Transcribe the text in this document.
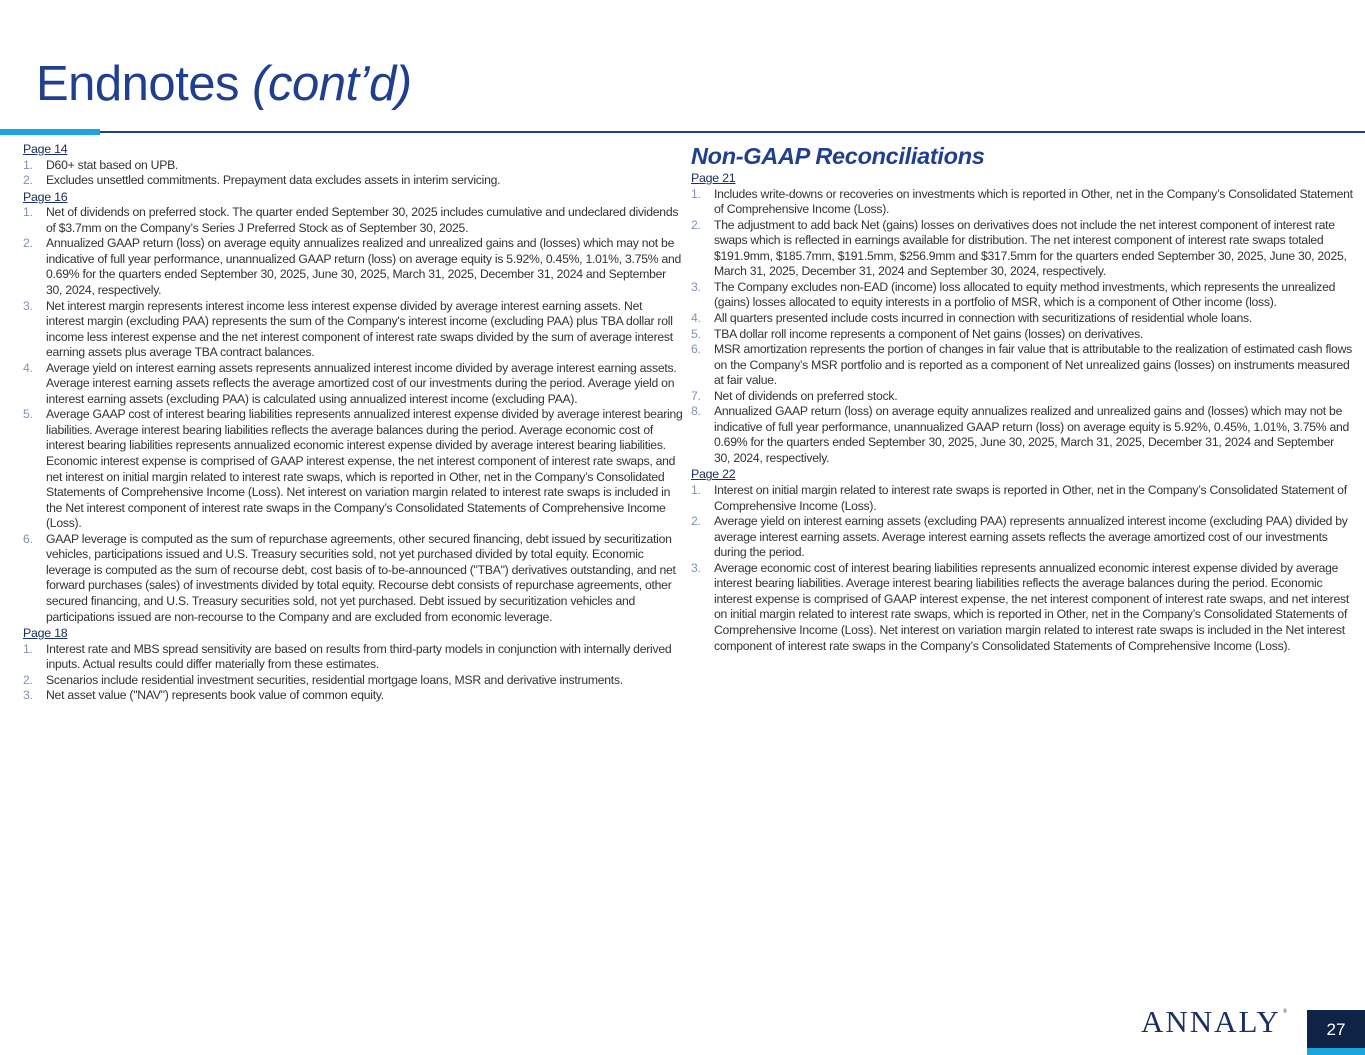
Endnotes (cont’d)
Page 14
1.	D60+ stat based on UPB.
2.	Excludes unsettled commitments. Prepayment data excludes assets in interim servicing.
Page 16
1.	Net of dividends on preferred stock. The quarter ended September 30, 2025 includes cumulative and undeclared dividends of $3.7mm on the Company’s Series J Preferred Stock as of September 30, 2025.
2.	Annualized GAAP return (loss) on average equity annualizes realized and unrealized gains and (losses) which may not be indicative of full year performance, unannualized GAAP return (loss) on average equity is 5.92%, 0.45%, 1.01%, 3.75% and 0.69% for the quarters ended September 30, 2025, June 30, 2025, March 31, 2025, December 31, 2024 and September 30, 2024, respectively.
3.	Net interest margin represents interest income less interest expense divided by average interest earning assets. Net interest margin (excluding PAA) represents the sum of the Company's interest income (excluding PAA) plus TBA dollar roll income less interest expense and the net interest component of interest rate swaps divided by the sum of average interest earning assets plus average TBA contract balances.
4.	Average yield on interest earning assets represents annualized interest income divided by average interest earning assets. Average interest earning assets reflects the average amortized cost of our investments during the period. Average yield on interest earning assets (excluding PAA) is calculated using annualized interest income (excluding PAA).
5.	Average GAAP cost of interest bearing liabilities represents annualized interest expense divided by average interest bearing liabilities. Average interest bearing liabilities reflects the average balances during the period. Average economic cost of interest bearing liabilities represents annualized economic interest expense divided by average interest bearing liabilities. Economic interest expense is comprised of GAAP interest expense, the net interest component of interest rate swaps, and net interest on initial margin related to interest rate swaps, which is reported in Other, net in the Company’s Consolidated Statements of Comprehensive Income (Loss). Net interest on variation margin related to interest rate swaps is included in the Net interest component of interest rate swaps in the Company’s Consolidated Statements of Comprehensive Income (Loss).
6.	GAAP leverage is computed as the sum of repurchase agreements, other secured financing, debt issued by securitization vehicles, participations issued and U.S. Treasury securities sold, not yet purchased divided by total equity. Economic leverage is computed as the sum of recourse debt, cost basis of to-be-announced ("TBA") derivatives outstanding, and net forward purchases (sales) of investments divided by total equity. Recourse debt consists of repurchase agreements, other secured financing, and U.S. Treasury securities sold, not yet purchased. Debt issued by securitization vehicles and participations issued are non-recourse to the Company and are excluded from economic leverage.
Page 18
1.	Interest rate and MBS spread sensitivity are based on results from third-party models in conjunction with internally derived inputs. Actual results could differ materially from these estimates.
2.	Scenarios include residential investment securities, residential mortgage loans, MSR and derivative instruments.
3.	Net asset value ("NAV") represents book value of common equity.
Non-GAAP Reconciliations
Page 21
1.	Includes write-downs or recoveries on investments which is reported in Other, net in the Company’s Consolidated Statement of Comprehensive Income (Loss).
2.	The adjustment to add back Net (gains) losses on derivatives does not include the net interest component of interest rate swaps which is reflected in earnings available for distribution. The net interest component of interest rate swaps totaled $191.9mm, $185.7mm, $191.5mm, $256.9mm and $317.5mm for the quarters ended September 30, 2025, June 30, 2025, March 31, 2025, December 31, 2024 and September 30, 2024, respectively.
3.	The Company excludes non-EAD (income) loss allocated to equity method investments, which represents the unrealized (gains) losses allocated to equity interests in a portfolio of MSR, which is a component of Other income (loss).
4.	All quarters presented include costs incurred in connection with securitizations of residential whole loans.
5.	TBA dollar roll income represents a component of Net gains (losses) on derivatives.
6.	MSR amortization represents the portion of changes in fair value that is attributable to the realization of estimated cash flows on the Company’s MSR portfolio and is reported as a component of Net unrealized gains (losses) on instruments measured at fair value.
7.	Net of dividends on preferred stock.
8.	Annualized GAAP return (loss) on average equity annualizes realized and unrealized gains and (losses) which may not be indicative of full year performance, unannualized GAAP return (loss) on average equity is 5.92%, 0.45%, 1.01%, 3.75% and 0.69% for the quarters ended September 30, 2025, June 30, 2025, March 31, 2025, December 31, 2024 and September 30, 2024, respectively.
Page 22
1.	Interest on initial margin related to interest rate swaps is reported in Other, net in the Company’s Consolidated Statement of Comprehensive Income (Loss).
2.	Average yield on interest earning assets (excluding PAA) represents annualized interest income (excluding PAA) divided by average interest earning assets. Average interest earning assets reflects the average amortized cost of our investments during the period.
3.	Average economic cost of interest bearing liabilities represents annualized economic interest expense divided by average interest bearing liabilities. Average interest bearing liabilities reflects the average balances during the period. Economic interest expense is comprised of GAAP interest expense, the net interest component of interest rate swaps, and net interest on initial margin related to interest rate swaps, which is reported in Other, net in the Company’s Consolidated Statements of Comprehensive Income (Loss). Net interest on variation margin related to interest rate swaps is included in the Net interest component of interest rate swaps in the Company’s Consolidated Statements of Comprehensive Income (Loss).
ANNALY ®
27
